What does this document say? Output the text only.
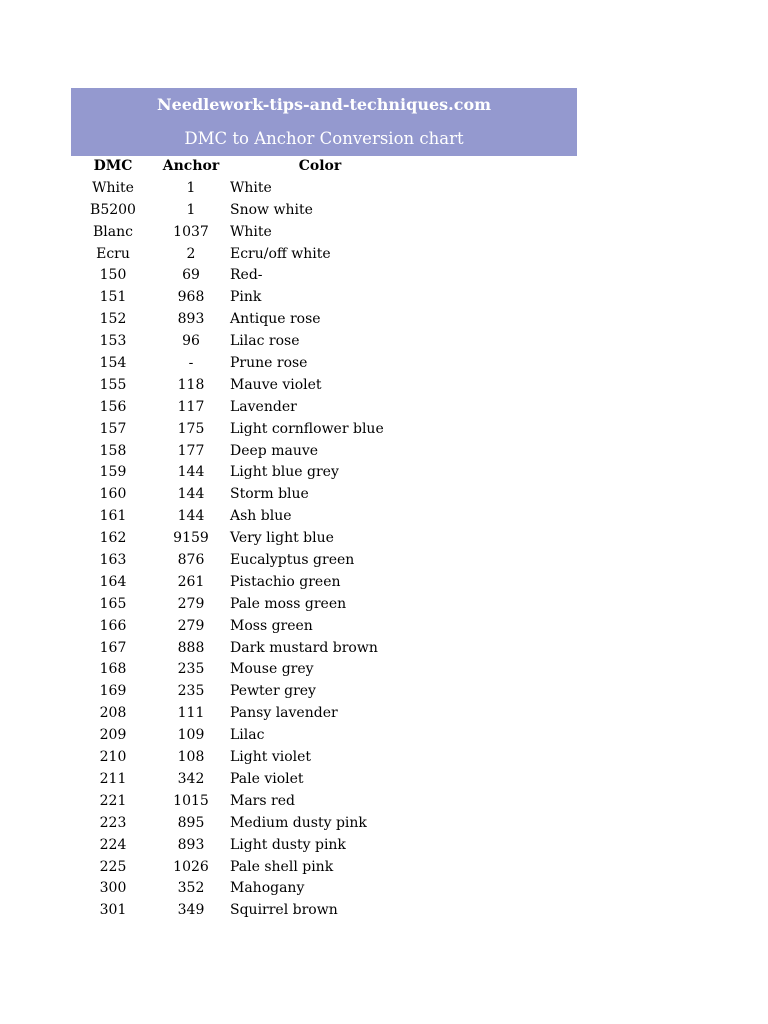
Needlework-tips-and-techniques.com
DMC to Anchor Conversion chart
DMC	Anchor	Color
White	1	White
B5200	1	Snow white
Blanc	1037	White
Ecru	2	Ecru/off white
150	69	Red-
151	968	Pink
152	893	Antique rose
153	96	Lilac rose
154	-	Prune rose
155	118	Mauve violet
156	117	Lavender
157	175	Light cornflower blue
158	177	Deep mauve
159	144	Light blue grey
160	144	Storm blue
161	144	Ash blue
162	9159	Very light blue
163	876	Eucalyptus green
164	261	Pistachio green
165	279	Pale moss green
166	279	Moss green
167	888	Dark mustard brown
168	235	Mouse grey
169	235	Pewter grey
208	111	Pansy lavender
209	109	Lilac
210	108	Light violet
211	342	Pale violet
221	1015	Mars red
223	895	Medium dusty pink
224	893	Light dusty pink
225	1026	Pale shell pink
300	352	Mahogany
301	349	Squirrel brown
